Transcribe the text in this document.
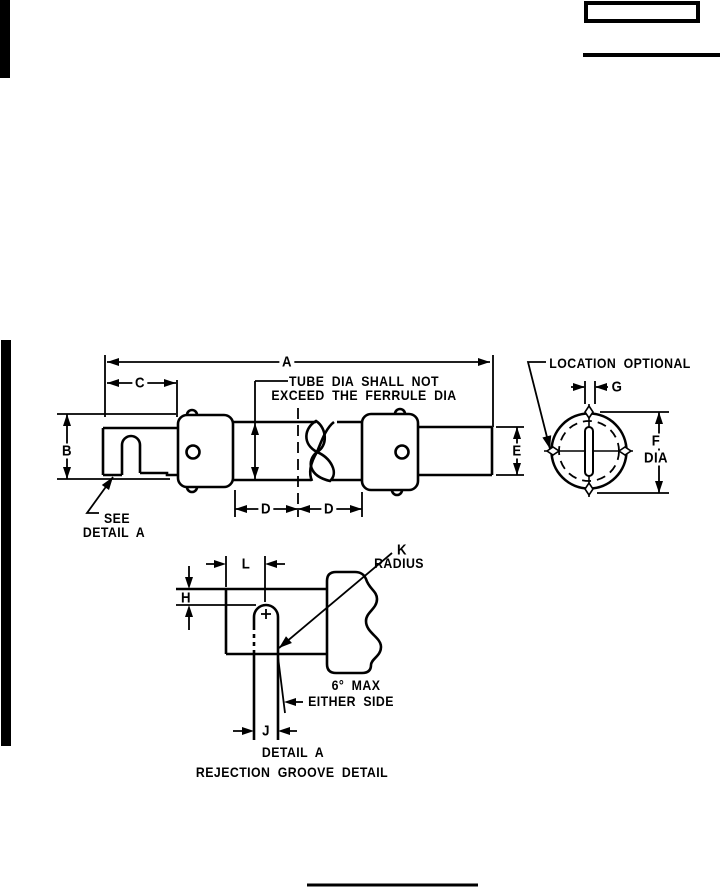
A
C	TUBE DIA SHALL NOT
EXCEED THE FERRULE DIA
B
SEE
DETAIL A
D	D
E
LOCATION OPTIONAL
G
F
DIA
L
H
K
RADIUS
6° MAX
EITHER SIDE
J
DETAIL A
REJECTION GROOVE DETAIL
